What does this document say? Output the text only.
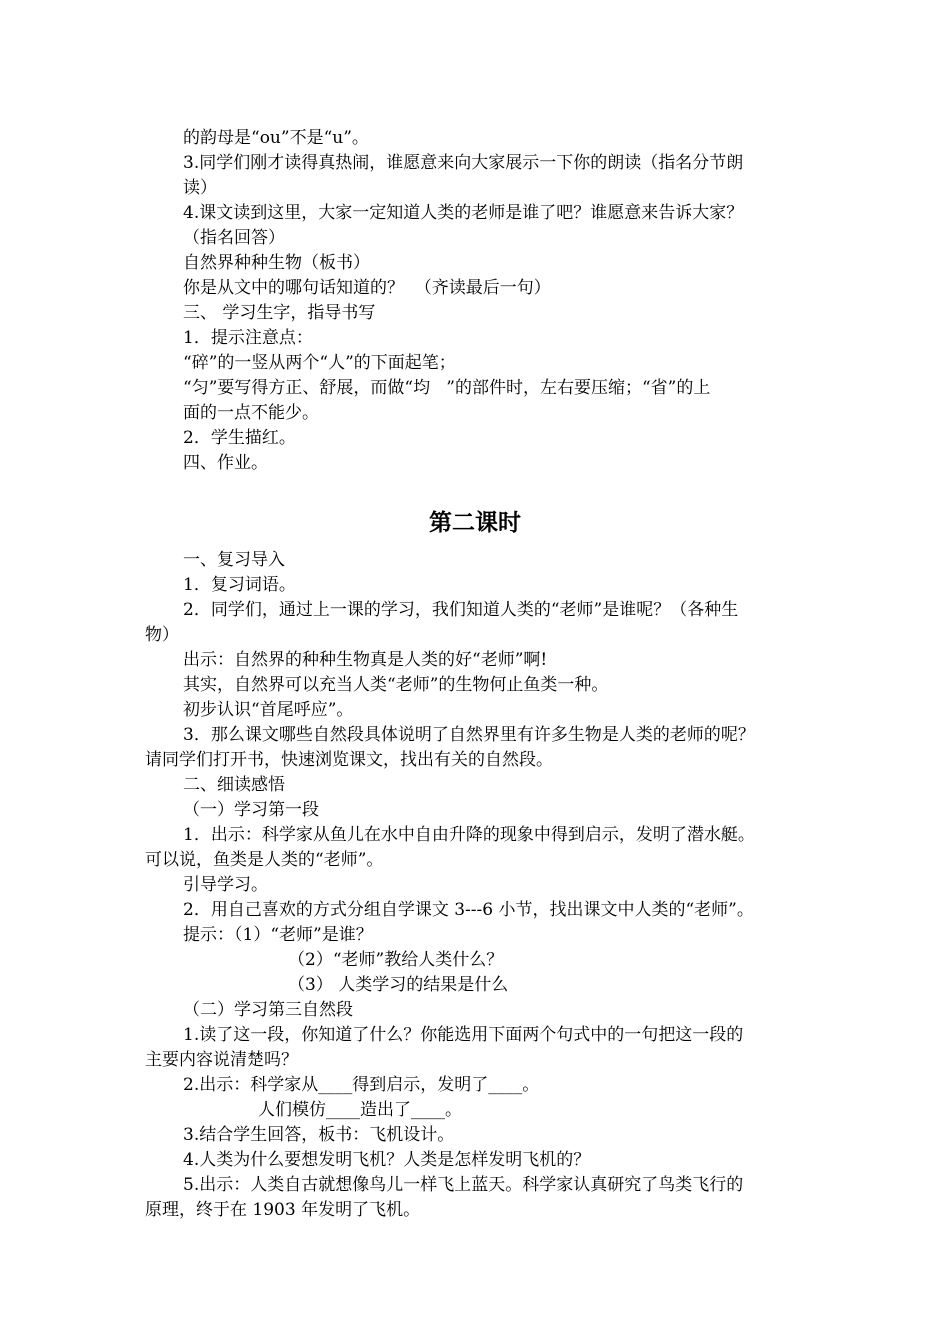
的韵母是“ou”不是“u”。
3.同学们刚才读得真热闹，谁愿意来向大家展示一下你的朗读（指名分节朗
读）
4.课文读到这里，大家一定知道人类的老师是谁了吧？谁愿意来告诉大家？
（指名回答）
自然界种种生物（板书）
你是从文中的哪句话知道的？  （齐读最后一句）
三、 学习生字，指导书写
1．提示注意点：
“碎”的一竖从两个“人”的下面起笔；
“匀”要写得方正、舒展，而做“均   ”的部件时，左右要压缩；“省”的上
面的一点不能少。
2．学生描红。
四、作业。
第二课时
一、复习导入
1．复习词语。
2．同学们，通过上一课的学习，我们知道人类的“老师”是谁呢？（各种生
物）
出示：自然界的种种生物真是人类的好“老师”啊!
其实，自然界可以充当人类“老师”的生物何止鱼类一种。
初步认识“首尾呼应”。
3．那么课文哪些自然段具体说明了自然界里有许多生物是人类的老师的呢？
请同学们打开书，快速浏览课文，找出有关的自然段。
二、细读感悟
（一）学习第一段
1．出示：科学家从鱼儿在水中自由升降的现象中得到启示，发明了潜水艇。
可以说，鱼类是人类的“老师”。
引导学习。
2．用自己喜欢的方式分组自学课文 3---6 小节，找出课文中人类的“老师”。
提示：（1）“老师”是谁？
（2）“老师”教给人类什么？
（3） 人类学习的结果是什么
（二）学习第三自然段
1.读了这一段，你知道了什么？你能选用下面两个句式中的一句把这一段的
主要内容说清楚吗？
2.出示：科学家从____得到启示，发明了____。
人们模仿____造出了____。
3.结合学生回答，板书：飞机设计。
4.人类为什么要想发明飞机？人类是怎样发明飞机的？
5.出示：人类自古就想像鸟儿一样飞上蓝天。科学家认真研究了鸟类飞行的
原理，终于在 1903 年发明了飞机。
